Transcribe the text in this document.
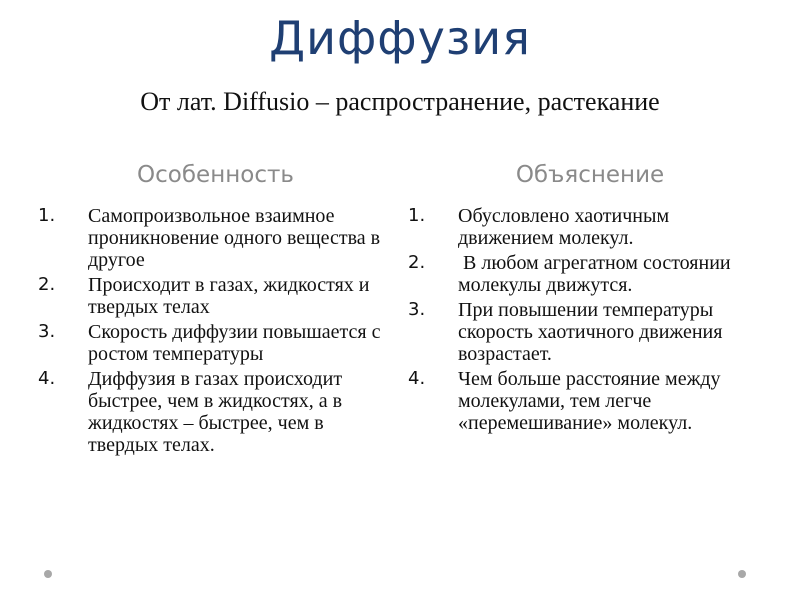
Диффузия
От лат. Diffusio – распространение, растекание
Особенность	Объяснение
1. Самопроизвольное взаимное проникновение одного вещества в другое
2. Происходит в газах, жидкостях и твердых телах
3. Скорость диффузии повышается с ростом температуры
4. Диффузия в газах происходит быстрее, чем в жидкостях, а в жидкостях – быстрее, чем в твердых телах.
1. Обусловлено хаотичным движением молекул.
2. В любом агрегатном состоянии молекулы движутся.
3. При повышении температуры скорость хаотичного движения возрастает.
4. Чем больше расстояние между молекулами, тем легче «перемешивание» молекул.
